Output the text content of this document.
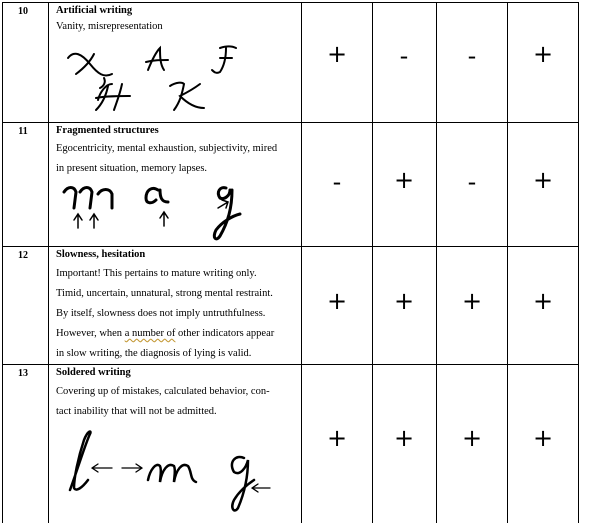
10	Artificial writing
Vanity, misrepresentation
+	-	-	+
11	Fragmented structures
Egocentricity, mental exhaustion, subjectivity, mired
in present situation, memory lapses.	-	+	-	+
12	Slowness, hesitation
Important! This pertains to mature writing only.
Timid, uncertain, unnatural, strong mental restraint.
By itself, slowness does not imply untruthfulness.
However, when a number of other indicators appear
in slow writing, the diagnosis of lying is valid.
+	+	+	+
13	Soldered writing
Covering up of mistakes, calculated behavior, con-
tact inability that will not be admitted.
+	+	+	+
